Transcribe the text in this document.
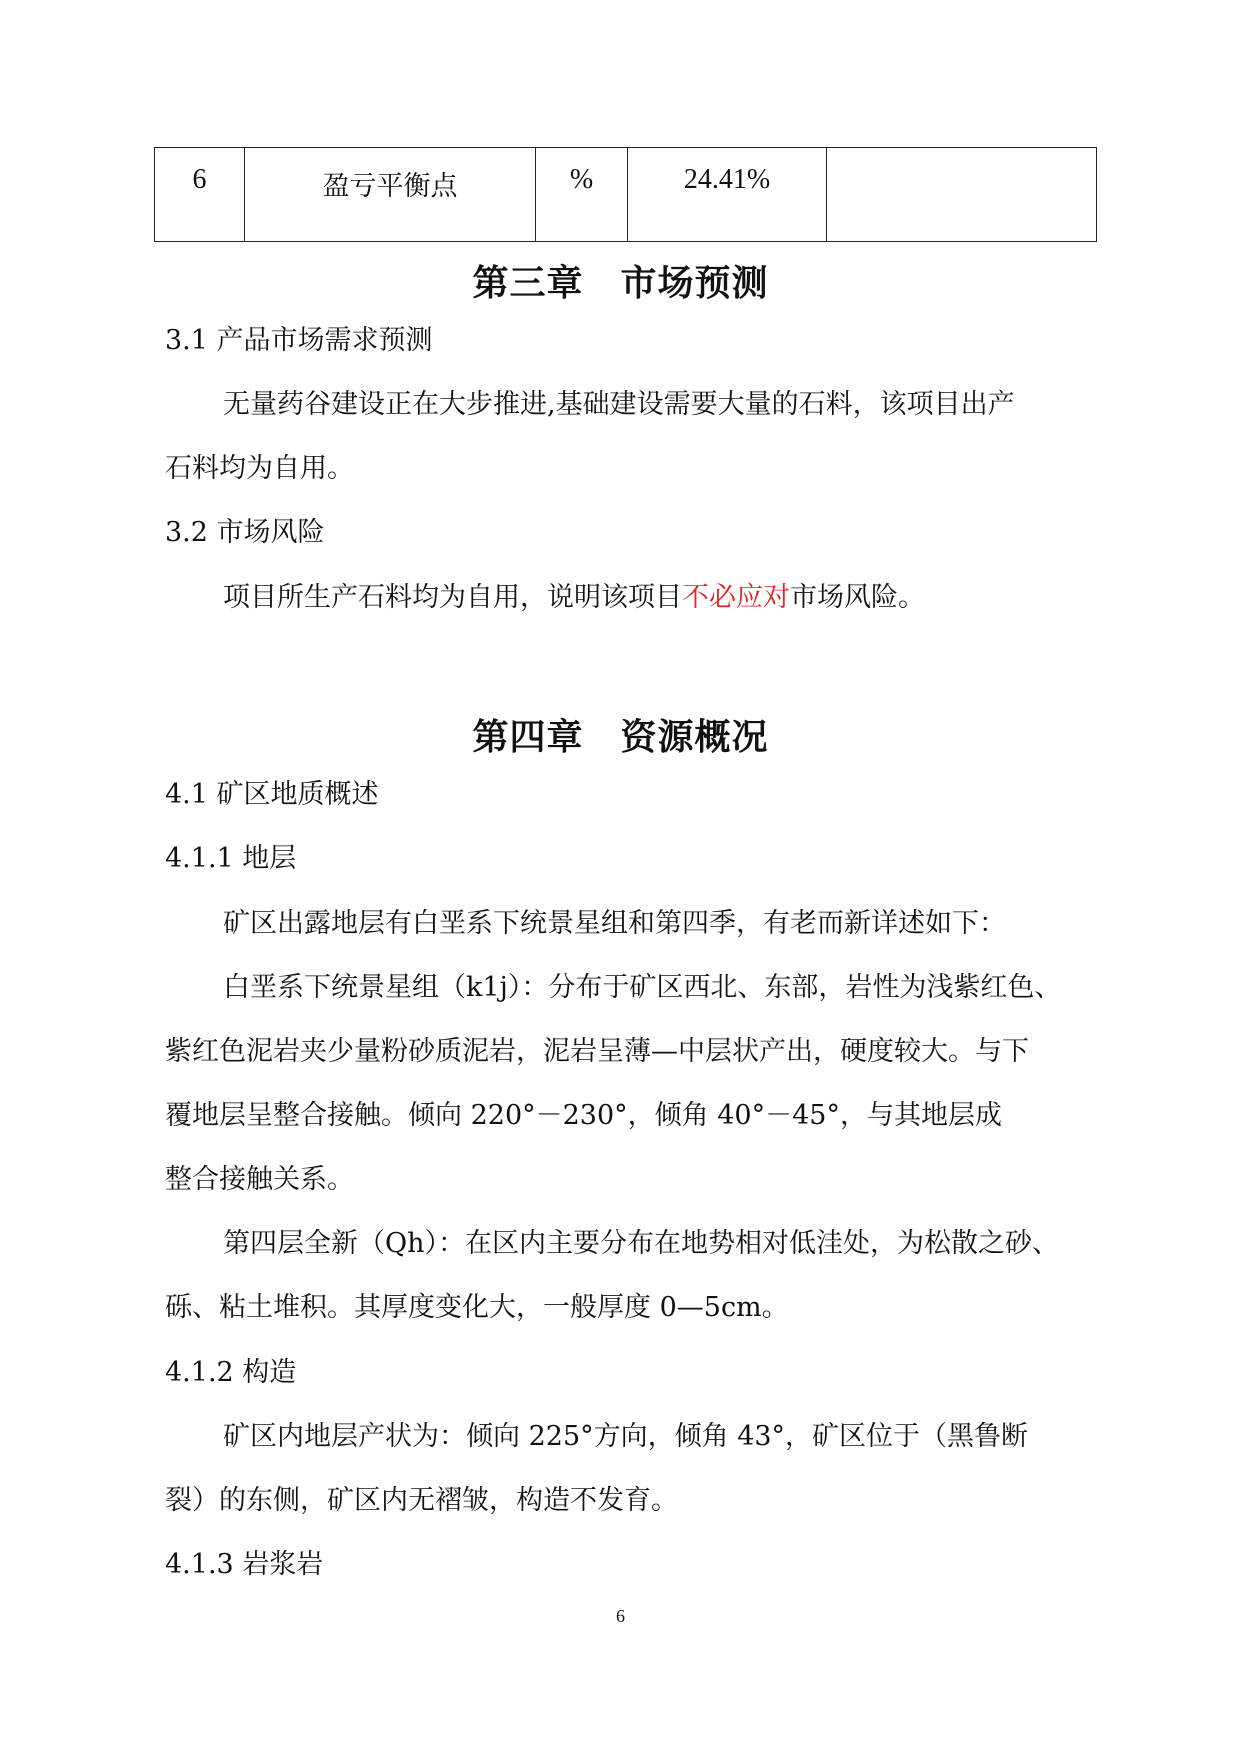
6	盈亏平衡点	%	24.41%	
第三章　市场预测
3.1 产品市场需求预测
无量药谷建设正在大步推进,基础建设需要大量的石料，该项目出产
石料均为自用。
3.2 市场风险
项目所生产石料均为自用，说明该项目不必应对市场风险。
第四章　资源概况
4.1 矿区地质概述
4.1.1 地层
矿区出露地层有白垩系下统景星组和第四季，有老而新详述如下：
白垩系下统景星组（k1j）：分布于矿区西北、东部，岩性为浅紫红色、
紫红色泥岩夹少量粉砂质泥岩，泥岩呈薄—中层状产出，硬度较大。与下
覆地层呈整合接触。倾向 220°－230°，倾角 40°－45°，与其地层成
整合接触关系。
第四层全新（Qh）：在区内主要分布在地势相对低洼处，为松散之砂、
砾、粘土堆积。其厚度变化大，一般厚度 0—5cm。
4.1.2 构造
矿区内地层产状为：倾向 225°方向，倾角 43°，矿区位于（黑鲁断
裂）的东侧，矿区内无褶皱，构造不发育。
4.1.3 岩浆岩
6
